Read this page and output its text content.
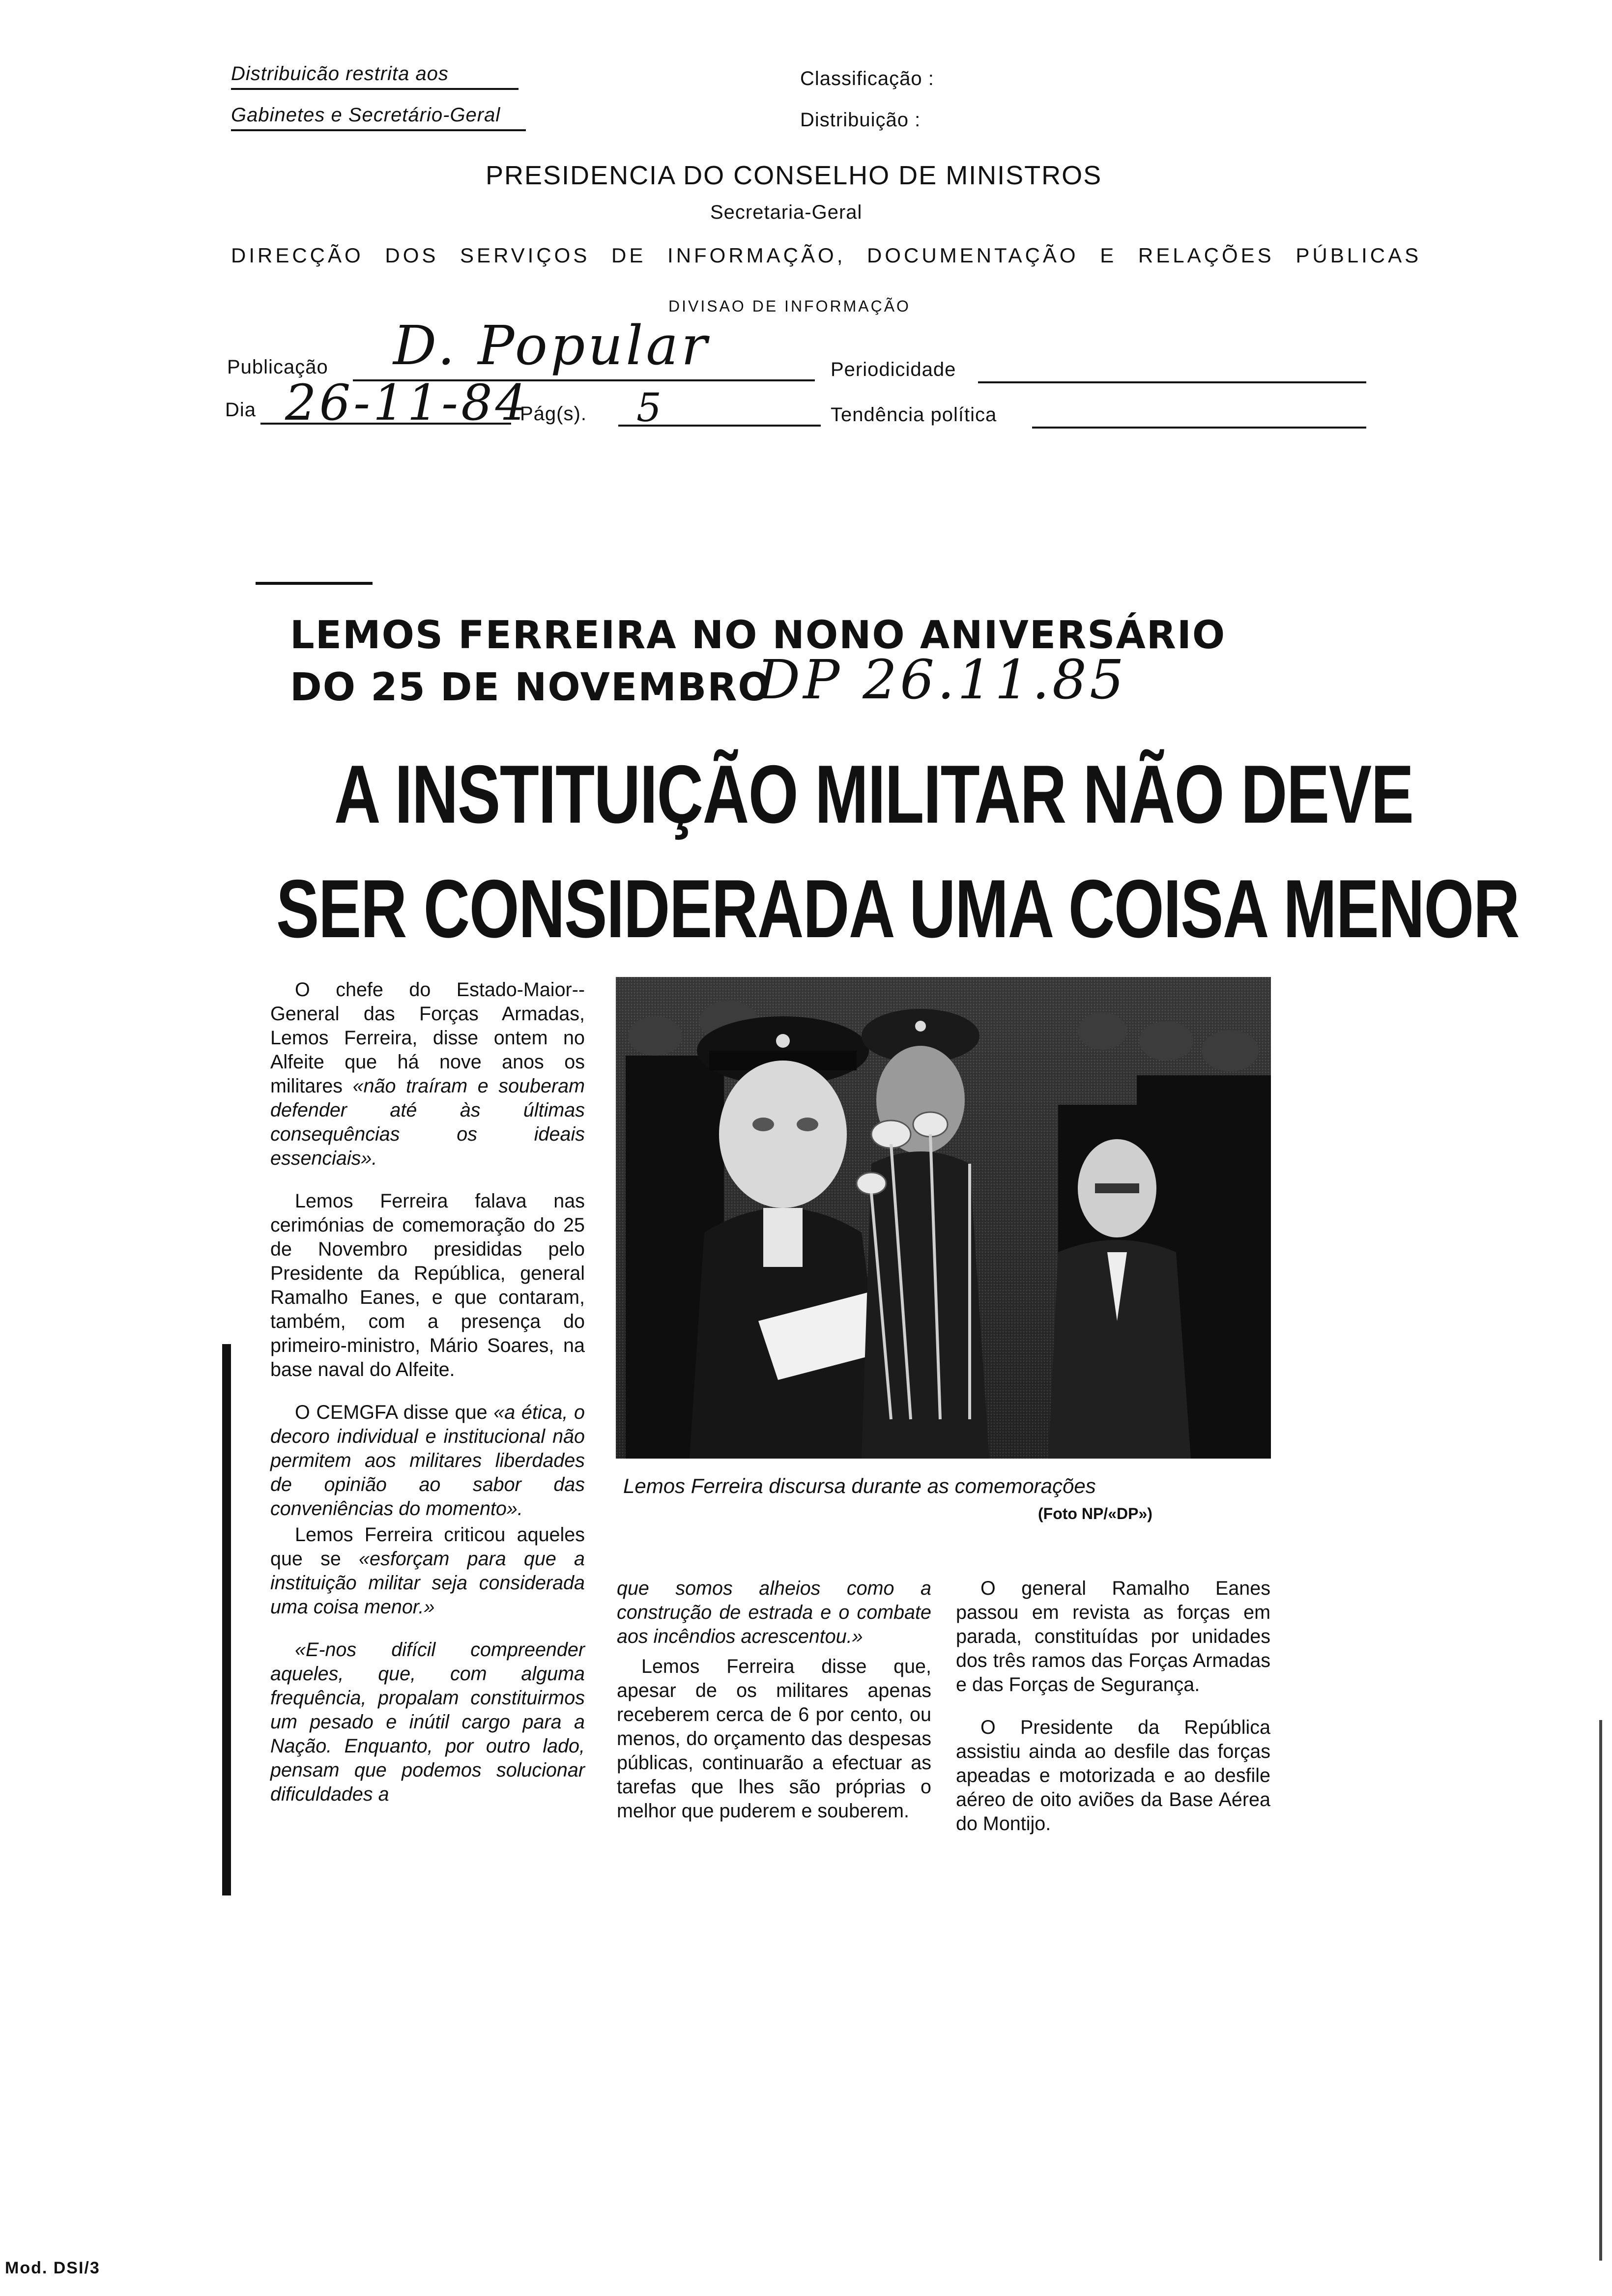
Distribuicão restrita aos
Gabinetes e Secretário-Geral
Classificação :
Distribuição :
PRESIDENCIA DO CONSELHO DE MINISTROS
Secretaria-Geral
DIRECÇÃO DOS SERVIÇOS DE INFORMAÇÃO, DOCUMENTAÇÃO E RELAÇÕES PÚBLICAS
DIVISAO DE INFORMAÇÃO
Publicação D. Popular	Periodicidade
Dia 26-11-84
Pág(s). 5	Tendência política
LEMOS FERREIRA NO NONO ANIVERSÁRIO
DO 25 DE NOVEMBRO
DP 26.11.85
A INSTITUIÇÃO MILITAR NÃO DEVE
SER CONSIDERADA UMA COISA MENOR

O chefe do Estado-Maior--General das Forças Armadas, Lemos Ferreira, disse ontem no Alfeite que há nove anos os militares «não traíram e souberam defender até às últimas consequências os ideais essenciais».

Lemos Ferreira falava nas cerimónias de comemoração do 25 de Novembro presididas pelo Presidente da República, general Ramalho Eanes, e que contaram, também, com a presença do primeiro-ministro, Mário Soares, na base naval do Alfeite.

O CEMGFA disse que «a ética, o decoro individual e institucional não permitem aos militares liberdades de opinião ao sabor das conveniências do momento».

Lemos Ferreira criticou aqueles que se «esforçam para que a instituição militar seja considerada uma coisa menor.»

«E-nos difícil compreender aqueles, que, com alguma frequência, propalam constituirmos um pesado e inútil cargo para a Nação. Enquanto, por outro lado, pensam que podemos solucionar dificuldades a

Lemos Ferreira discursa durante as comemorações
(Foto NP/«DP»)

que somos alheios como a construção de estrada e o combate aos incêndios acrescentou.»

Lemos Ferreira disse que, apesar de os militares apenas receberem cerca de 6 por cento, ou menos, do orçamento das despesas públicas, continuarão a efectuar as tarefas que lhes são próprias o melhor que puderem e souberem.

O general Ramalho Eanes passou em revista as forças em parada, constituídas por unidades dos três ramos das Forças Armadas e das Forças de Segurança.

O Presidente da República assistiu ainda ao desfile das forças apeadas e motorizada e ao desfile aéreo de oito aviões da Base Aérea do Montijo.

Mod. DSI/3
